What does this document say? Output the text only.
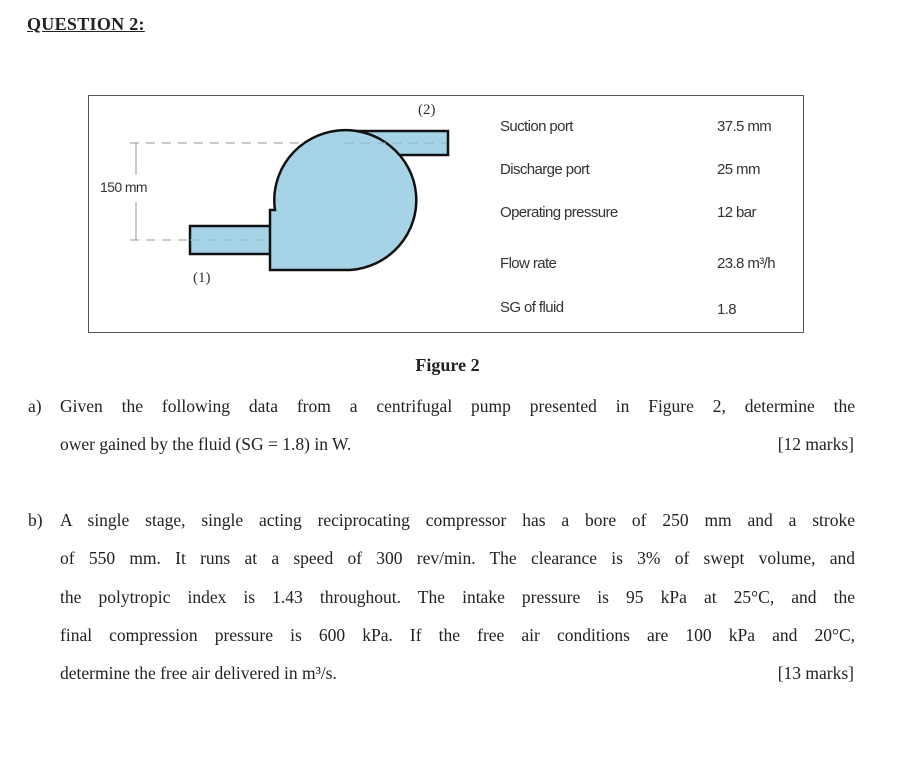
QUESTION 2:
150 mm
(1)
(2)
Suction port	37.5 mm
Discharge port	25 mm
Operating pressure	12 bar
Flow rate	23.8 m³/h
SG of fluid	1.8
Figure 2
a) Given the following data from a centrifugal pump presented in Figure 2, determine the
ower gained by the fluid (SG = 1.8) in W.	[12 marks]
b) A single stage, single acting reciprocating compressor has a bore of 250 mm and a stroke
of 550 mm. It runs at a speed of 300 rev/min. The clearance is 3% of swept volume, and
the polytropic index is 1.43 throughout. The intake pressure is 95 kPa at 25°C, and the
final compression pressure is 600 kPa. If the free air conditions are 100 kPa and 20°C,
determine the free air delivered in m³/s.	[13 marks]
